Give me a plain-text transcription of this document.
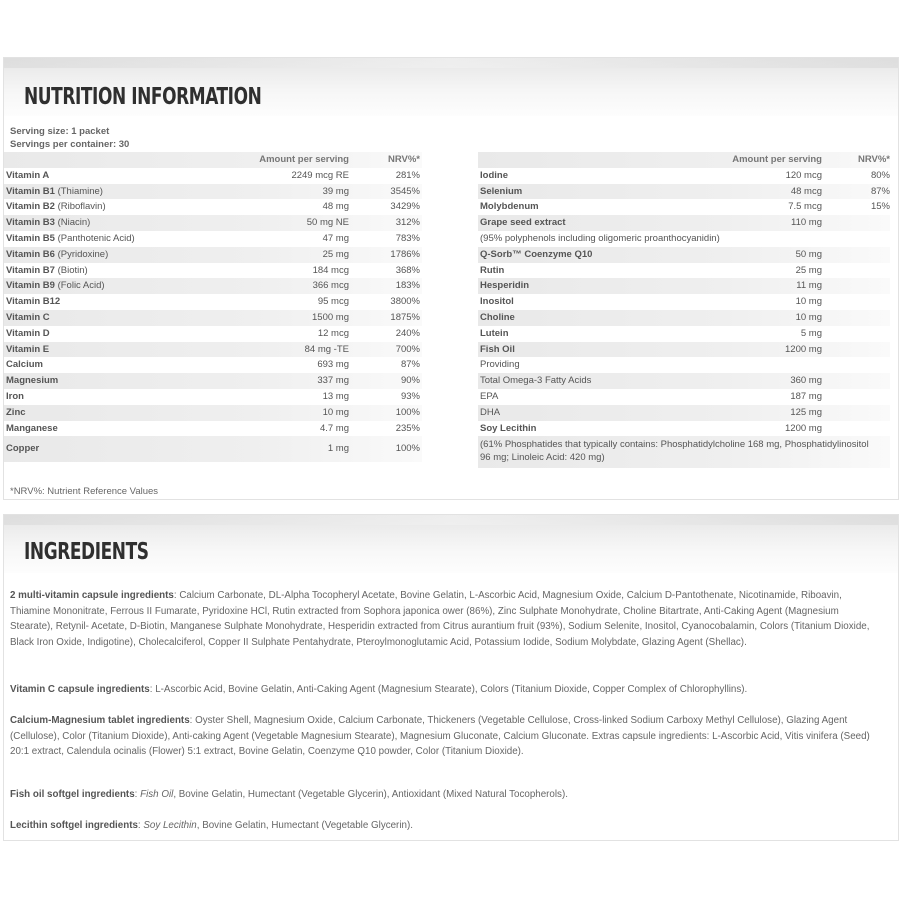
NUTRITION INFORMATION
Serving size: 1 packet
Servings per container: 30
*NRV%: Nutrient Reference Values
Amount per serving	NRV%*
Vitamin A	2249 mcg RE	281%
Vitamin B1 (Thiamine)	39 mg	3545%
Vitamin B2 (Riboflavin)	48 mg	3429%
Vitamin B3 (Niacin)	50 mg NE	312%
Vitamin B5 (Panthotenic Acid)	47 mg	783%
Vitamin B6 (Pyridoxine)	25 mg	1786%
Vitamin B7 (Biotin)	184 mcg	368%
Vitamin B9 (Folic Acid)	366 mcg	183%
Vitamin B12	95 mcg	3800%
Vitamin C	1500 mg	1875%
Vitamin D	12 mcg	240%
Vitamin E	84 mg -TE	700%
Calcium	693 mg	87%
Magnesium	337 mg	90%
Iron	13 mg	93%
Zinc	10 mg	100%
Manganese	4.7 mg	235%
Copper	1 mg	100%
Amount per serving	NRV%*
Iodine	120 mcg	80%
Selenium	48 mcg	87%
Molybdenum	7.5 mcg	15%
Grape seed extract	110 mg
(95% polyphenols including oligomeric proanthocyanidin)
Q-Sorb™ Coenzyme Q10	50 mg
Rutin	25 mg
Hesperidin	11 mg
Inositol	10 mg
Choline	10 mg
Lutein	5 mg
Fish Oil	1200 mg
Providing
Total Omega-3 Fatty Acids	360 mg
EPA	187 mg
DHA	125 mg
Soy Lecithin	1200 mg
(61% Phosphatides that typically contains: Phosphatidylcholine 168 mg, Phosphatidylinositol 96 mg; Linoleic Acid: 420 mg)
INGREDIENTS
2 multi-vitamin capsule ingredients: Calcium Carbonate, DL-Alpha Tocopheryl Acetate, Bovine Gelatin, L-Ascorbic Acid, Magnesium Oxide, Calcium D-Pantothenate, Nicotinamide, Riboavin, Thiamine Mononitrate, Ferrous II Fumarate, Pyridoxine HCl, Rutin extracted from Sophora japonica ower (86%), Zinc Sulphate Monohydrate, Choline Bitartrate, Anti-Caking Agent (Magnesium Stearate), Retynil- Acetate, D-Biotin, Manganese Sulphate Monohydrate, Hesperidin extracted from Citrus aurantium fruit (93%), Sodium Selenite, Inositol, Cyanocobalamin, Colors (Titanium Dioxide, Black Iron Oxide, Indigotine), Cholecalciferol, Copper II Sulphate Pentahydrate, Pteroylmonoglutamic Acid, Potassium Iodide, Sodium Molybdate, Glazing Agent (Shellac).
Vitamin C capsule ingredients: L-Ascorbic Acid, Bovine Gelatin, Anti-Caking Agent (Magnesium Stearate), Colors (Titanium Dioxide, Copper Complex of Chlorophyllins).
Calcium-Magnesium tablet ingredients: Oyster Shell, Magnesium Oxide, Calcium Carbonate, Thickeners (Vegetable Cellulose, Cross-linked Sodium Carboxy Methyl Cellulose), Glazing Agent (Cellulose), Color (Titanium Dioxide), Anti-caking Agent (Vegetable Magnesium Stearate), Magnesium Gluconate, Calcium Gluconate. Extras capsule ingredients: L-Ascorbic Acid, Vitis vinifera (Seed) 20:1 extract, Calendula ocinalis (Flower) 5:1 extract, Bovine Gelatin, Coenzyme Q10 powder, Color (Titanium Dioxide).
Fish oil softgel ingredients: Fish Oil, Bovine Gelatin, Humectant (Vegetable Glycerin), Antioxidant (Mixed Natural Tocopherols).
Lecithin softgel ingredients: Soy Lecithin, Bovine Gelatin, Humectant (Vegetable Glycerin).
